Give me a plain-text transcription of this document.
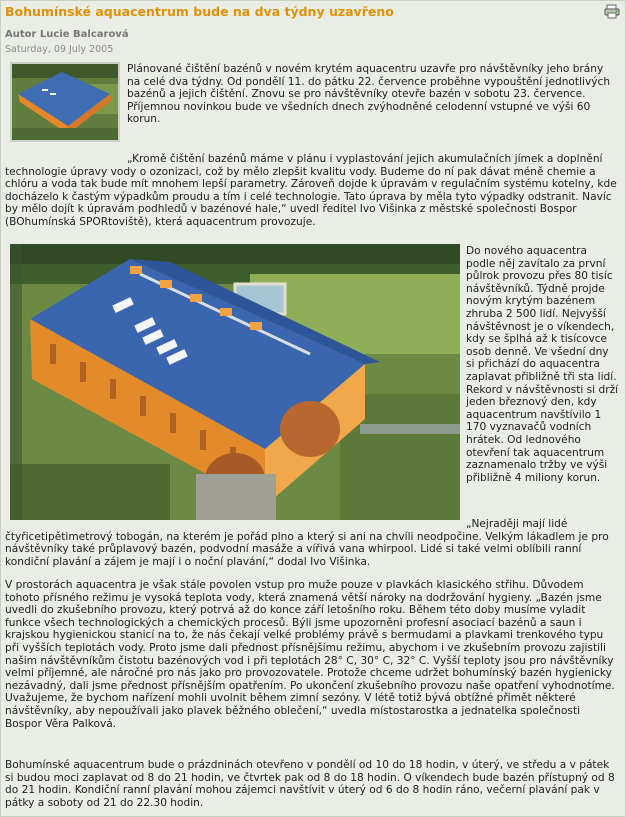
Bohumínské aquacentrum bude na dva týdny uzavřeno
Autor Lucie Balcarová
Saturday, 09 July 2005

Plánované čištění bazénů v novém krytém aquacentru uzavře pro návštěvníky jeho brány na celé dva týdny. Od pondělí 11. do pátku 22. července proběhne vypouštění jednotlivých bazénů a jejich čištění. Znovu se pro návštěvníky otevře bazén v sobotu 23. července. Příjemnou novinkou bude ve všedních dnech zvýhodněné celodenní vstupné ve výši 60 korun.

„Kromě čištění bazénů máme v plánu i vyplastování jejich akumulačních jímek a doplnění technologie úpravy vody o ozonizaci, což by mělo zlepšit kvalitu vody. Budeme do ní pak dávat méně chemie a chlóru a voda tak bude mít mnohem lepší parametry. Zároveň dojde k úpravám v regulačním systému kotelny, kde docházelo k častým výpadkům proudu a tím i celé technologie. Tato úprava by měla tyto výpadky odstranit. Navíc by mělo dojít k úpravám podhledů v bazénové hale,“ uvedl ředitel Ivo Višinka z městské společnosti Bospor (BOhumínská SPORtoviště), která aquacentrum provozuje.

Do nového aquacentra podle něj zavítalo za první půlrok provozu přes 80 tisíc návštěvníků. Týdně projde novým krytým bazénem zhruba 2 500 lidí. Nejvyšší návštěvnost je o víkendech, kdy se šplhá až k tisícovce osob denně. Ve všední dny si přichází do aquacentra zaplavat přibližně tři sta lidí. Rekord v návštěvnosti si drží jeden březnový den, kdy aquacentrum navštívilo 1 170 vyznavačů vodních hrátek. Od lednového otevření tak aquacentrum zaznamenalo tržby ve výši přibližně 4 miliony korun.

„Nejraději mají lidé čtyřicetipětimetrový tobogán, na kterém je pořád plno a který si ani na chvíli neodpočine. Velkým lákadlem je pro návštěvníky také průplavový bazén, podvodní masáže a vířivá vana whirpool. Lidé si také velmi oblíbili ranní kondiční plavání a zájem je mají i o noční plavání,“ dodal Ivo Višinka.

V prostorách aquacentra je však stále povolen vstup pro muže pouze v plavkách klasického střihu. Důvodem tohoto přísného režimu je vysoká teplota vody, která znamená větší nároky na dodržování hygieny. „Bazén jsme uvedli do zkušebního provozu, který potrvá až do konce září letošního roku. Během této doby musíme vyladit funkce všech technologických a chemických procesů. Býli jsme upozorněni profesní asociací bazénů a saun i krajskou hygienickou stanicí na to, že nás čekají velké problémy právě s bermudami a plavkami trenkového typu při vyšších teplotách vody. Proto jsme dali přednost přísnějšímu režimu, abychom i ve zkušebním provozu zajistili našim návštěvníkům čistotu bazénových vod i při teplotách 28° C, 30° C, 32° C. Vyšší teploty jsou pro návštěvníky velmi příjemné, ale náročné pro nás jako pro provozovatele. Protože chceme udržet bohumínský bazén hygienicky nezávadný, dali jsme přednost přísnějším opatřením. Po ukončení zkušebního provozu naše opatření vyhodnotíme. Uvažujeme, že bychom nařízení mohli uvolnit během zimní sezóny. V létě totiž bývá obtížné přimět některé návštěvníky, aby nepoužívali jako plavek běžného oblečení,“ uvedla místostarostka a jednatelka společnosti Bospor Věra Palková.

Bohumínské aquacentrum bude o prázdninách otevřeno v pondělí od 10 do 18 hodin, v úterý, ve středu a v pátek si budou moci zaplavat od 8 do 21 hodin, ve čtvrtek pak od 8 do 18 hodin. O víkendech bude bazén přístupný od 8 do 21 hodin. Kondiční ranní plavání mohou zájemci navštívit v úterý od 6 do 8 hodin ráno, večerní plavání pak v pátky a soboty od 21 do 22.30 hodin.
